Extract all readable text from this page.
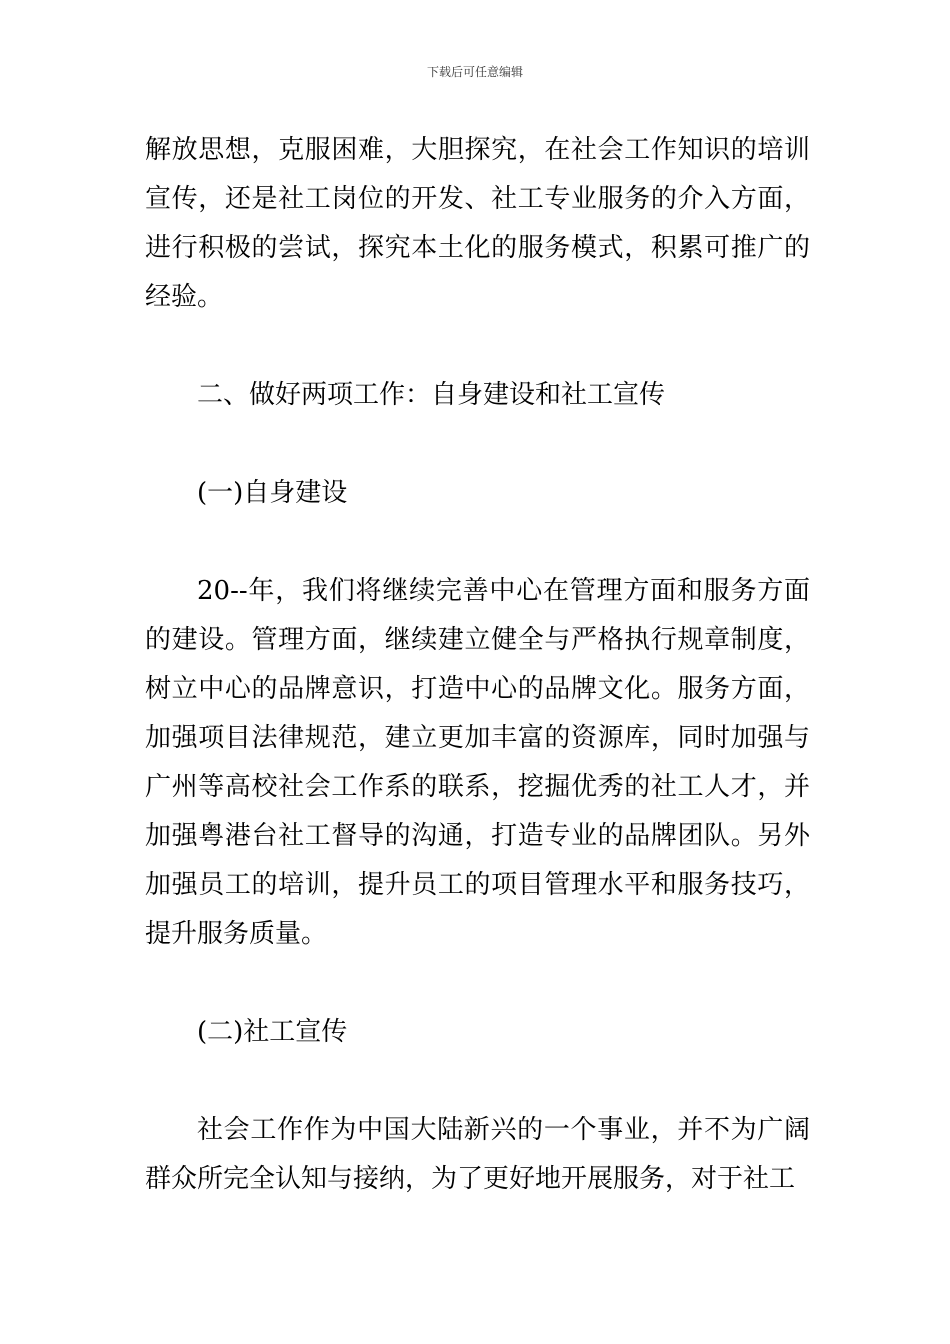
下载后可任意编辑

解放思想，克服困难，大胆探究，在社会工作知识的培训宣传，还是社工岗位的开发、社工专业服务的介入方面，进行积极的尝试，探究本土化的服务模式，积累可推广的经验。

二、做好两项工作：自身建设和社工宣传

(一)自身建设

20--年，我们将继续完善中心在管理方面和服务方面的建设。管理方面，继续建立健全与严格执行规章制度，树立中心的品牌意识，打造中心的品牌文化。服务方面，加强项目法律规范，建立更加丰富的资源库，同时加强与广州等高校社会工作系的联系，挖掘优秀的社工人才，并加强粤港台社工督导的沟通，打造专业的品牌团队。另外加强员工的培训，提升员工的项目管理水平和服务技巧，提升服务质量。

(二)社工宣传

社会工作作为中国大陆新兴的一个事业，并不为广阔群众所完全认知与接纳，为了更好地开展服务，对于社工
